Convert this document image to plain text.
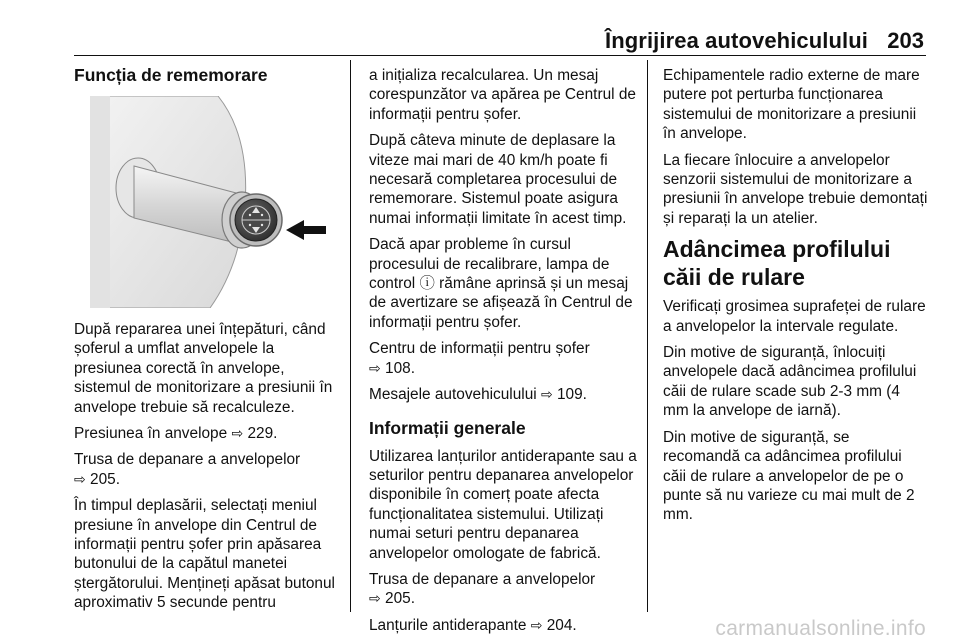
Îngrijirea autovehiculului 203
Funcția de rememorare

După repararea unei înțepături, când șoferul a umflat anvelopele la presiunea corectă în anvelope, sistemul de monitorizare a presiunii în anvelope trebuie să recalculeze.

Presiunea în anvelope ⇨ 229.

Trusa de depanare a anvelopelor
⇨ 205.

În timpul deplasării, selectați meniul presiune în anvelope din Centrul de informații pentru șofer prin apăsarea butonului de la capătul manetei ștergătorului. Mențineți apăsat butonul aproximativ 5 secunde pentru

a inițializa recalcularea. Un mesaj corespunzător va apărea pe Centrul de informații pentru șofer.

După câteva minute de deplasare la viteze mai mari de 40 km/h poate fi necesară completarea procesului de rememorare. Sistemul poate asigura numai informații limitate în acest timp.

Dacă apar probleme în cursul procesului de recalibrare, lampa de control ⓘ rămâne aprinsă și un mesaj de avertizare se afișează în Centrul de informații pentru șofer.

Centru de informații pentru șofer
⇨ 108.

Mesajele autovehiculului ⇨ 109.

Informații generale

Utilizarea lanțurilor antiderapante sau a seturilor pentru depanarea anvelopelor disponibile în comerț poate afecta funcționalitatea sistemului. Utilizați numai seturi pentru depanarea anvelopelor omologate de fabrică.

Trusa de depanare a anvelopelor
⇨ 205.

Lanțurile antiderapante ⇨ 204.

Echipamentele radio externe de mare putere pot perturba funcționarea sistemului de monitorizare a presiunii în anvelope.

La fiecare înlocuire a anvelopelor senzorii sistemului de monitorizare a presiunii în anvelope trebuie demontați și reparați la un atelier.

Adâncimea profilului căii de rulare

Verificați grosimea suprafeței de rulare a anvelopelor la intervale regulate.

Din motive de siguranță, înlocuiți anvelopele dacă adâncimea profilului căii de rulare scade sub 2-3 mm (4 mm la anvelope de iarnă).

Din motive de siguranță, se recomandă ca adâncimea profilului căii de rulare a anvelopelor de pe o punte să nu varieze cu mai mult de 2 mm.

carmanualsonline.info
